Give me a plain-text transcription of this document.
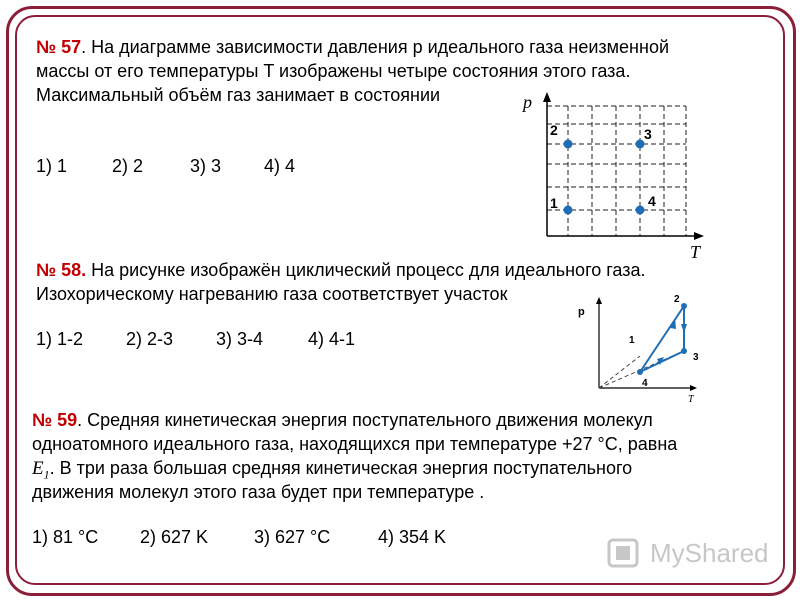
№ 57. На диаграмме зависимости давления p идеального газа неизменной
массы от его температуры T изображены четыре состояния этого газа.
Максимальный объём газ занимает в состоянии
1) 1 2) 2	3) 3 4) 4
p
T
1
2	3
4
№ 58. На рисунке изображён циклический процесс для идеального газа.
Изохорическому нагреванию газа соответствует участок
1) 1-2 2) 2-3 3) 3-4 4) 4-1
p
T
1
2
3
4
№ 59. Средняя кинетическая энергия поступательного движения молекул
одноатомного идеального газа, находящихся при температуре +27 °С, равна
$E_1$. В три раза большая средняя кинетическая энергия поступательного
движения молекул этого газа будет при температуре .
1) 81 °С 2) 627 K	3) 627 °С	4) 354 K
MyShared
